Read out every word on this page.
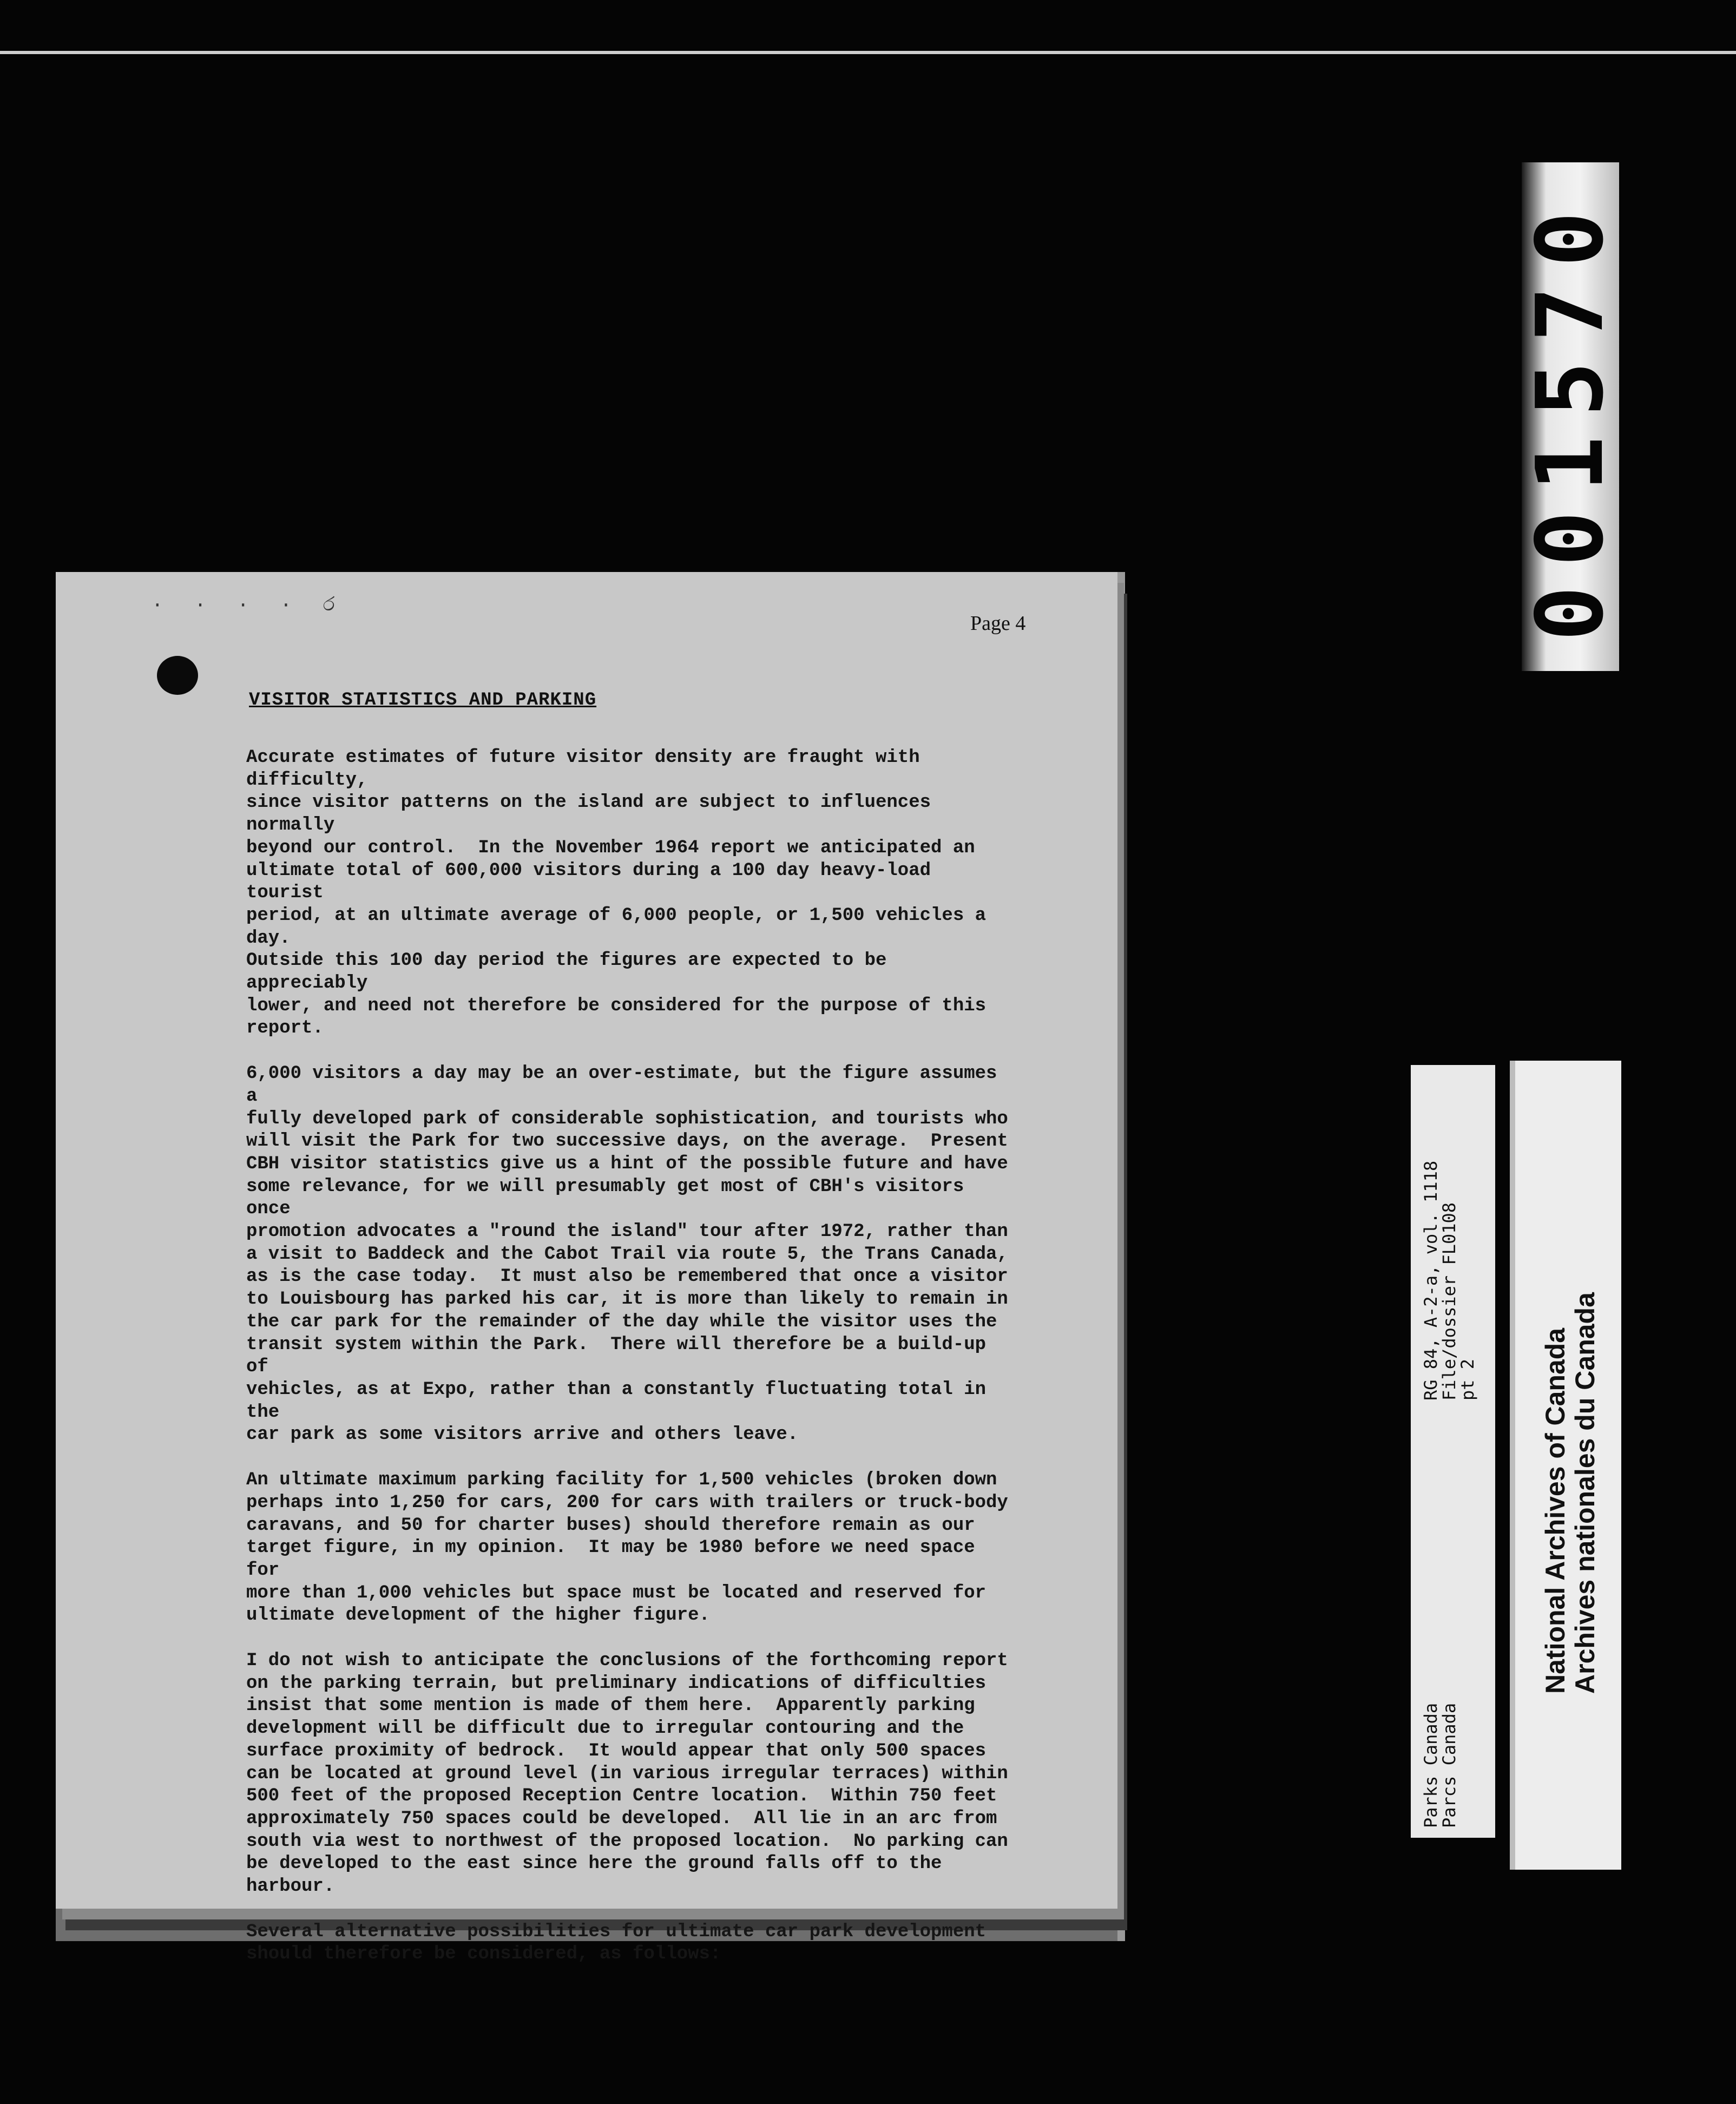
· · · · ර
Page 4
VISITOR STATISTICS AND PARKING

Accurate estimates of future visitor density are fraught with difficulty,
since visitor patterns on the island are subject to influences normally
beyond our control.  In the November 1964 report we anticipated an
ultimate total of 600,000 visitors during a 100 day heavy-load tourist
period, at an ultimate average of 6,000 people, or 1,500 vehicles a day.
Outside this 100 day period the figures are expected to be appreciably
lower, and need not therefore be considered for the purpose of this
report.

6,000 visitors a day may be an over-estimate, but the figure assumes a
fully developed park of considerable sophistication, and tourists who
will visit the Park for two successive days, on the average.  Present
CBH visitor statistics give us a hint of the possible future and have
some relevance, for we will presumably get most of CBH's visitors once
promotion advocates a "round the island" tour after 1972, rather than
a visit to Baddeck and the Cabot Trail via route 5, the Trans Canada,
as is the case today.  It must also be remembered that once a visitor
to Louisbourg has parked his car, it is more than likely to remain in
the car park for the remainder of the day while the visitor uses the
transit system within the Park.  There will therefore be a build-up of
vehicles, as at Expo, rather than a constantly fluctuating total in the
car park as some visitors arrive and others leave.

An ultimate maximum parking facility for 1,500 vehicles (broken down
perhaps into 1,250 for cars, 200 for cars with trailers or truck-body
caravans, and 50 for charter buses) should therefore remain as our
target figure, in my opinion.  It may be 1980 before we need space for
more than 1,000 vehicles but space must be located and reserved for
ultimate development of the higher figure.

I do not wish to anticipate the conclusions of the forthcoming report
on the parking terrain, but preliminary indications of difficulties
insist that some mention is made of them here.  Apparently parking
development will be difficult due to irregular contouring and the
surface proximity of bedrock.  It would appear that only 500 spaces
can be located at ground level (in various irregular terraces) within
500 feet of the proposed Reception Centre location.  Within 750 feet
approximately 750 spaces could be developed.  All lie in an arc from
south via west to northwest of the proposed location.  No parking can
be developed to the east since here the ground falls off to the harbour.

Several alternative possibilities for ultimate car park development
should therefore be considered, as follows:

001570
Parks Canada
Parcs Canada
RG 84, A-2-a, vol. 1118
File/dossier FL0108
pt 2 National Archives of Canada Archives nationales du Canada
